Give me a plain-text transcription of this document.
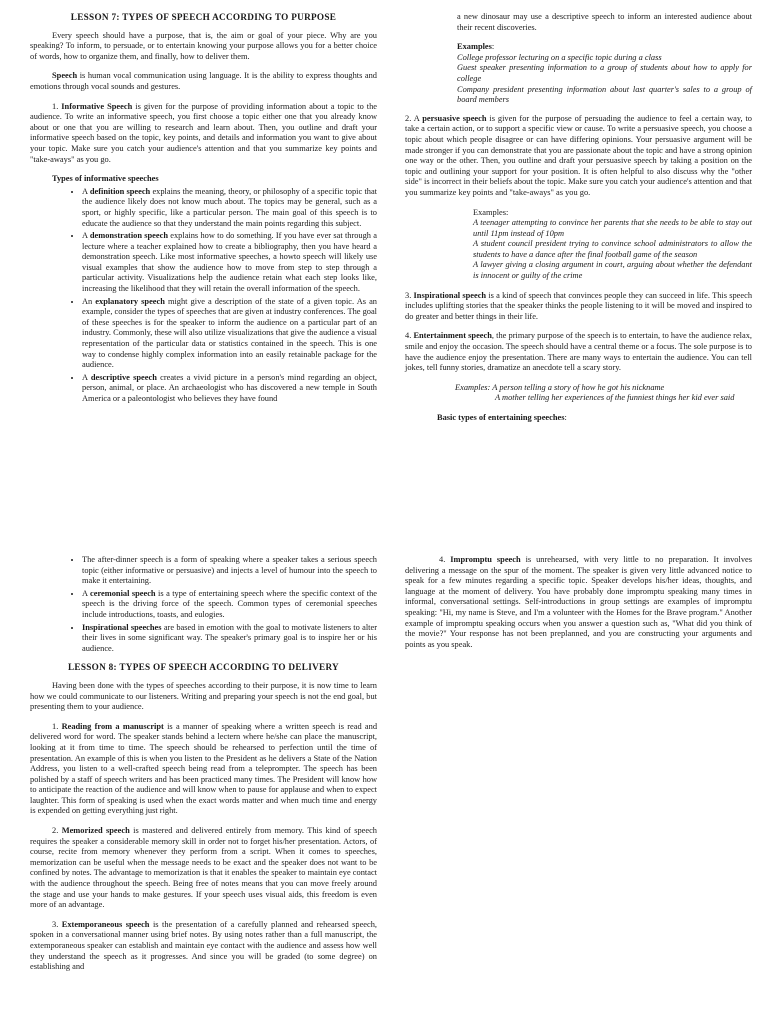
LESSON 7: TYPES OF SPEECH ACCORDING TO PURPOSE

Every speech should have a purpose, that is, the aim or goal of your piece. Why are you speaking? To inform, to persuade, or to entertain knowing your purpose allows you for a better choice of words, how to organize them, and finally, how to deliver them.

Speech is human vocal communication using language. It is the ability to express thoughts and emotions through vocal sounds and gestures.

1. Informative Speech is given for the purpose of providing information about a topic to the audience. To write an informative speech, you first choose a topic either one that you already know about or one that you are willing to research and learn about. Then, you outline and draft your informative speech based on the topic, key points, and details and information you want to give about your topic. Make sure you catch your audience's attention and that you summarize key points and "take-aways" as you go.

Types of informative speeches
• A definition speech explains the meaning, theory, or philosophy of a specific topic that the audience likely does not know much about. The topics may be general, such as a sport, or highly specific, like a particular person. The main goal of this speech is to educate the audience so that they understand the main points regarding this subject.
• A demonstration speech explains how to do something. If you have ever sat through a lecture where a teacher explained how to create a bibliography, then you have heard a demonstration speech. Like most informative speeches, a howto speech will likely use visual examples that show the audience how to move from step to step through a particular activity. Visualizations help the audience retain what each step looks like, increasing the likelihood that they will retain the overall information of the speech.
• An explanatory speech might give a description of the state of a given topic. As an example, consider the types of speeches that are given at industry conferences. The goal of these speeches is for the speaker to inform the audience on a particular part of an industry. Commonly, these will also utilize visualizations that give the audience a visual representation of the particular data or statistics contained in the speech. This is one way to condense highly complex information into an easily retainable package for the audience.
• A descriptive speech creates a vivid picture in a person's mind regarding an object, person, animal, or place. An archaeologist who has discovered a new temple in South America or a paleontologist who believes they have found

a new dinosaur may use a descriptive speech to inform an interested audience about their recent discoveries.

Examples:
College professor lecturing on a specific topic during a class
Guest speaker presenting information to a group of students about how to apply for college
Company president presenting information about last quarter's sales to a group of board members

2. A persuasive speech is given for the purpose of persuading the audience to feel a certain way, to take a certain action, or to support a specific view or cause. To write a persuasive speech, you choose a topic about which people disagree or can have differing opinions. Your persuasive argument will be made stronger if you can demonstrate that you are passionate about the topic and have a strong opinion one way or the other. Then, you outline and draft your persuasive speech by taking a position on the topic and outlining your support for your position. It is often helpful to also discuss why the "other side" is incorrect in their beliefs about the topic. Make sure you catch your audience's attention and that you summarize key points and "take-aways" as you go.

Examples:
A teenager attempting to convince her parents that she needs to be able to stay out until 11pm instead of 10pm
A student council president trying to convince school administrators to allow the students to have a dance after the final football game of the season
A lawyer giving a closing argument in court, arguing about whether the defendant is innocent or guilty of the crime

3. Inspirational speech is a kind of speech that convinces people they can succeed in life. This speech includes uplifting stories that the speaker thinks the people listening to it will be moved and inspired to do greater and better things in their life.

4. Entertainment speech, the primary purpose of the speech is to entertain, to have the audience relax, smile and enjoy the occasion. The speech should have a central theme or a focus. The sole purpose is to have the audience enjoy the presentation. There are many ways to entertain the audience. You can tell jokes, tell funny stories, dramatize an anecdote tell a scary story.

Examples: A person telling a story of how he got his nickname
A mother telling her experiences of the funniest things her kid ever said
Basic types of entertaining speeches:
• The after-dinner speech is a form of speaking where a speaker takes a serious speech topic (either informative or persuasive) and injects a level of humour into the speech to make it entertaining.
• A ceremonial speech is a type of entertaining speech where the specific context of the speech is the driving force of the speech. Common types of ceremonial speeches include introductions, toasts, and eulogies.
• Inspirational speeches are based in emotion with the goal to motivate listeners to alter their lives in some significant way. The speaker's primary goal is to inspire her or his audience.
LESSON 8: TYPES OF SPEECH ACCORDING TO DELIVERY

Having been done with the types of speeches according to their purpose, it is now time to learn how we could communicate to our listeners. Writing and preparing your speech is not the end goal, but presenting them to your audience.

1. Reading from a manuscript is a manner of speaking where a written speech is read and delivered word for word. The speaker stands behind a lectern where he/she can place the manuscript, looking at it from time to time. The speech should be rehearsed to perfection until the time of presentation. An example of this is when you listen to the President as he delivers a State of the Nation Address, you listen to a well-crafted speech being read from a teleprompter. The speech has been polished by a staff of speech writers and has been practiced many times. The President will know how to anticipate the reaction of the audience and will know when to pause for applause and when to expect laughter. This form of speaking is used when the exact words matter and when much time and energy is expended on getting everything just right.

2. Memorized speech is mastered and delivered entirely from memory. This kind of speech requires the speaker a considerable memory skill in order not to forget his/her presentation. Actors, of course, recite from memory whenever they perform from a script. When it comes to speeches, memorization can be useful when the message needs to be exact and the speaker does not want to be confined by notes. The advantage to memorization is that it enables the speaker to maintain eye contact with the audience throughout the speech. Being free of notes means that you can move freely around the stage and use your hands to make gestures. If your speech uses visual aids, this freedom is even more of an advantage.

3. Extemporaneous speech is the presentation of a carefully planned and rehearsed speech, spoken in a conversational manner using brief notes. By using notes rather than a full manuscript, the extemporaneous speaker can establish and maintain eye contact with the audience and assess how well they understand the speech as it progresses. And since you will be graded (to some degree) on establishing and

4. Impromptu speech is unrehearsed, with very little to no preparation. It involves delivering a message on the spur of the moment. The speaker is given very little advanced notice to speak for a few minutes regarding a specific topic. Speaker develops his/her ideas, thoughts, and language at the moment of delivery. You have probably done impromptu speaking many times in informal, conversational settings. Self-introductions in group settings are examples of impromptu speaking: "Hi, my name is Steve, and I'm a volunteer with the Homes for the Brave program." Another example of impromptu speaking occurs when you answer a question such as, "What did you think of the movie?" Your response has not been preplanned, and you are constructing your arguments and points as you speak.
